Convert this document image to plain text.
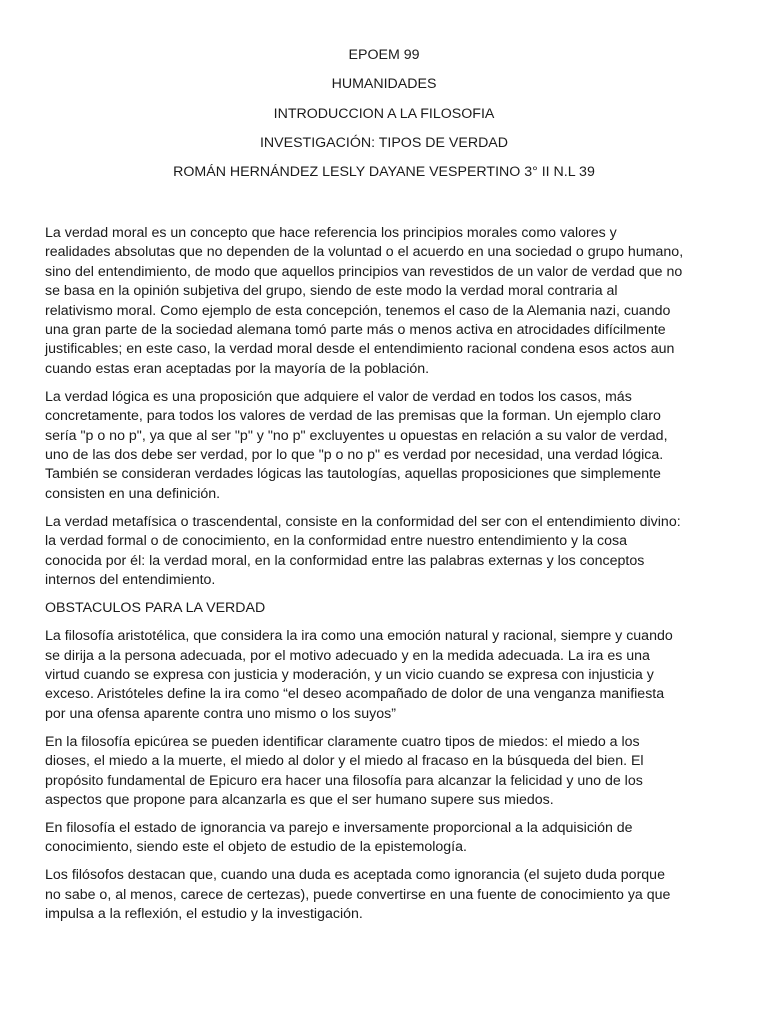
EPOEM 99
HUMANIDADES
INTRODUCCION A LA FILOSOFIA
INVESTIGACIÓN: TIPOS DE VERDAD
ROMÁN HERNÁNDEZ LESLY DAYANE VESPERTINO 3° II N.L 39
La verdad moral es un concepto que hace referencia los principios morales como valores y
realidades absolutas que no dependen de la voluntad o el acuerdo en una sociedad o grupo humano,
sino del entendimiento, de modo que aquellos principios van revestidos de un valor de verdad que no
se basa en la opinión subjetiva del grupo, siendo de este modo la verdad moral contraria al
relativismo moral. Como ejemplo de esta concepción, tenemos el caso de la Alemania nazi, cuando
una gran parte de la sociedad alemana tomó parte más o menos activa en atrocidades difícilmente
justificables; en este caso, la verdad moral desde el entendimiento racional condena esos actos aun
cuando estas eran aceptadas por la mayoría de la población.
La verdad lógica es una proposición que adquiere el valor de verdad en todos los casos, más
concretamente, para todos los valores de verdad de las premisas que la forman. Un ejemplo claro
sería "p o no p", ya que al ser "p" y "no p" excluyentes u opuestas en relación a su valor de verdad,
uno de las dos debe ser verdad, por lo que "p o no p" es verdad por necesidad, una verdad lógica.
También se consideran verdades lógicas las tautologías, aquellas proposiciones que simplemente
consisten en una definición.
La verdad metafísica o trascendental, consiste en la conformidad del ser con el entendimiento divino:
la verdad formal o de conocimiento, en la conformidad entre nuestro entendimiento y la cosa
conocida por él: la verdad moral, en la conformidad entre las palabras externas y los conceptos
internos del entendimiento.
OBSTACULOS PARA LA VERDAD
La filosofía aristotélica, que considera la ira como una emoción natural y racional, siempre y cuando
se dirija a la persona adecuada, por el motivo adecuado y en la medida adecuada. La ira es una
virtud cuando se expresa con justicia y moderación, y un vicio cuando se expresa con injusticia y
exceso. Aristóteles define la ira como “el deseo acompañado de dolor de una venganza manifiesta
por una ofensa aparente contra uno mismo o los suyos”
En la filosofía epicúrea se pueden identificar claramente cuatro tipos de miedos: el miedo a los
dioses, el miedo a la muerte, el miedo al dolor y el miedo al fracaso en la búsqueda del bien. El
propósito fundamental de Epicuro era hacer una filosofía para alcanzar la felicidad y uno de los
aspectos que propone para alcanzarla es que el ser humano supere sus miedos.
En filosofía el estado de ignorancia va parejo e inversamente proporcional a la adquisición de
conocimiento, siendo este el objeto de estudio de la epistemología.
Los filósofos destacan que, cuando una duda es aceptada como ignorancia (el sujeto duda porque
no sabe o, al menos, carece de certezas), puede convertirse en una fuente de conocimiento ya que
impulsa a la reflexión, el estudio y la investigación.
